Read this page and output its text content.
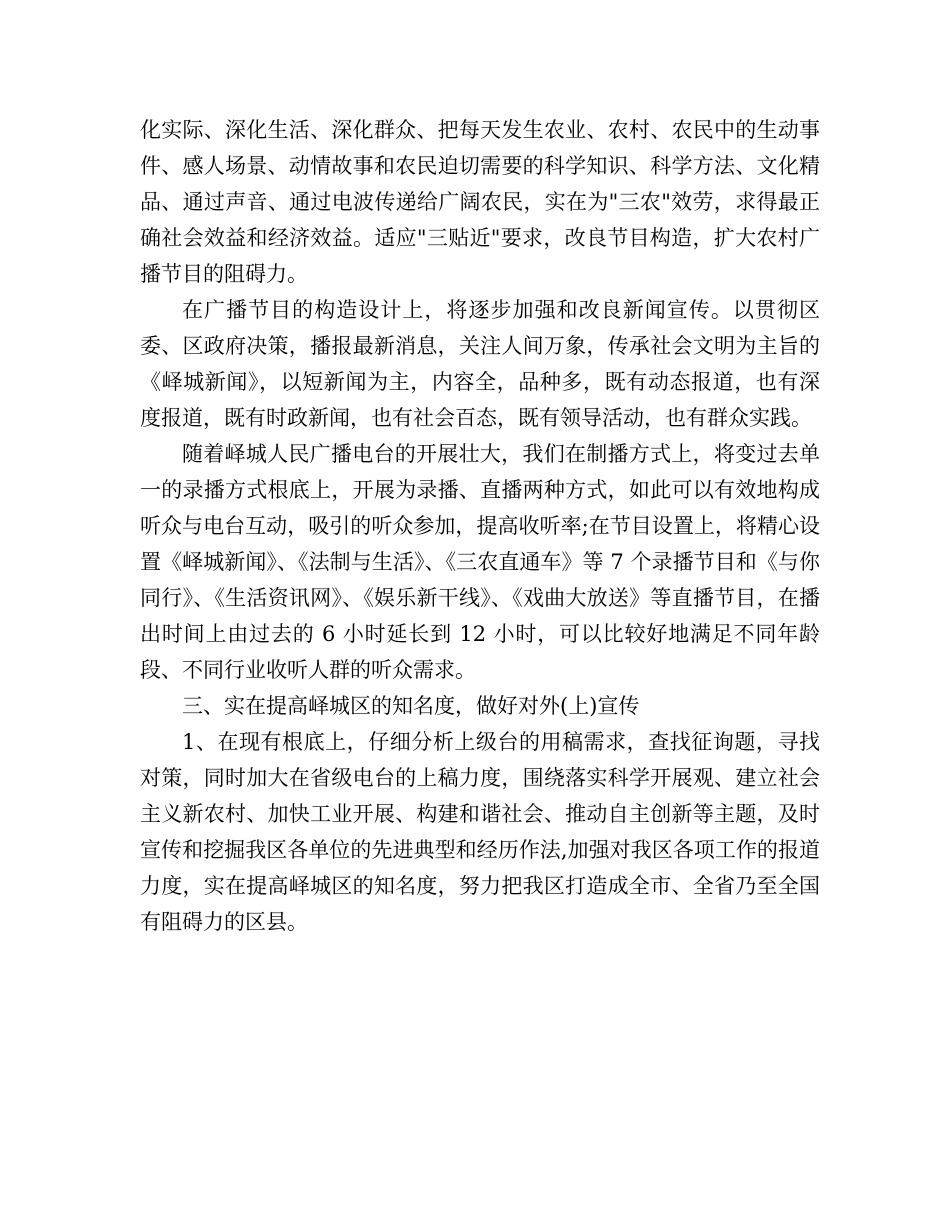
化实际、深化生活、深化群众、把每天发生农业、农村、农民中的生动事件、感人场景、动情故事和农民迫切需要的科学知识、科学方法、文化精品、通过声音、通过电波传递给广阔农民，实在为"三农"效劳，求得最正确社会效益和经济效益。适应"三贴近"要求，改良节目构造，扩大农村广播节目的阻碍力。

在广播节目的构造设计上，将逐步加强和改良新闻宣传。以贯彻区委、区政府决策，播报最新消息，关注人间万象，传承社会文明为主旨的《峄城新闻》，以短新闻为主，内容全，品种多，既有动态报道，也有深度报道，既有时政新闻，也有社会百态，既有领导活动，也有群众实践。

随着峄城人民广播电台的开展壮大，我们在制播方式上，将变过去单一的录播方式根底上，开展为录播、直播两种方式，如此可以有效地构成听众与电台互动，吸引的听众参加，提高收听率;在节目设置上，将精心设置《峄城新闻》、《法制与生活》、《三农直通车》等 7 个录播节目和《与你同行》、《生活资讯网》、《娱乐新干线》、《戏曲大放送》等直播节目，在播出时间上由过去的 6 小时延长到 12 小时，可以比较好地满足不同年龄段、不同行业收听人群的听众需求。

三、实在提高峄城区的知名度，做好对外(上)宣传

1、在现有根底上，仔细分析上级台的用稿需求，查找征询题，寻找对策，同时加大在省级电台的上稿力度，围绕落实科学开展观、建立社会主义新农村、加快工业开展、构建和谐社会、推动自主创新等主题，及时宣传和挖掘我区各单位的先进典型和经历作法,加强对我区各项工作的报道力度，实在提高峄城区的知名度，努力把我区打造成全市、全省乃至全国有阻碍力的区县。
